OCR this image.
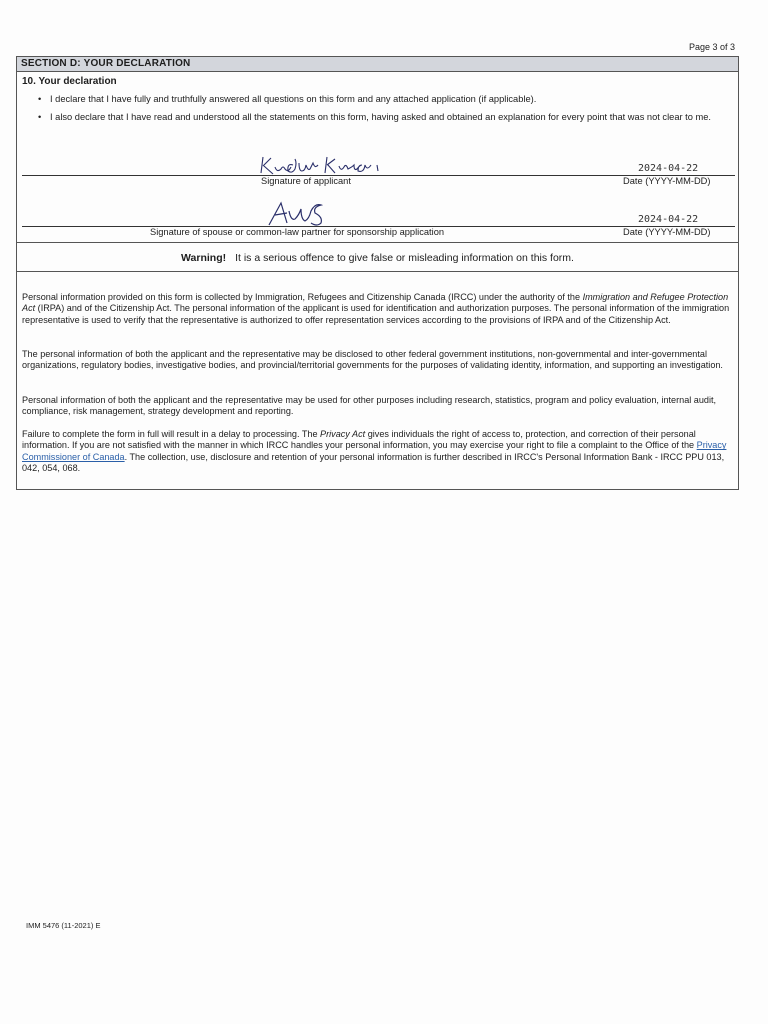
Page 3 of 3
SECTION D: YOUR DECLARATION
10. Your declaration
• I declare that I have fully and truthfully answered all questions on this form and any attached application (if applicable).
• I also declare that I have read and understood all the statements on this form, having asked and obtained an explanation for every point that was not clear to me.
Signature of applicant
2024-04-22
Date (YYYY-MM-DD)
Signature of spouse or common-law partner for sponsorship application
2024-04-22
Date (YYYY-MM-DD)
Warning! It is a serious offence to give false or misleading information on this form.
Personal information provided on this form is collected by Immigration, Refugees and Citizenship Canada (IRCC) under the authority of the Immigration and Refugee Protection Act (IRPA) and of the Citizenship Act. The personal information of the applicant is used for identification and authorization purposes. The personal information of the immigration representative is used to verify that the representative is authorized to offer representation services according to the provisions of IRPA and of the Citizenship Act.
The personal information of both the applicant and the representative may be disclosed to other federal government institutions, non-governmental and inter-governmental organizations, regulatory bodies, investigative bodies, and provincial/territorial governments for the purposes of validating identity, information, and supporting an investigation.
Personal information of both the applicant and the representative may be used for other purposes including research, statistics, program and policy evaluation, internal audit, compliance, risk management, strategy development and reporting.
Failure to complete the form in full will result in a delay to processing. The Privacy Act gives individuals the right of access to, protection, and correction of their personal information. If you are not satisfied with the manner in which IRCC handles your personal information, you may exercise your right to file a complaint to the Office of the Privacy Commissioner of Canada. The collection, use, disclosure and retention of your personal information is further described in IRCC's Personal Information Bank - IRCC PPU 013, 042, 054, 068.
IMM 5476 (11-2021) E
